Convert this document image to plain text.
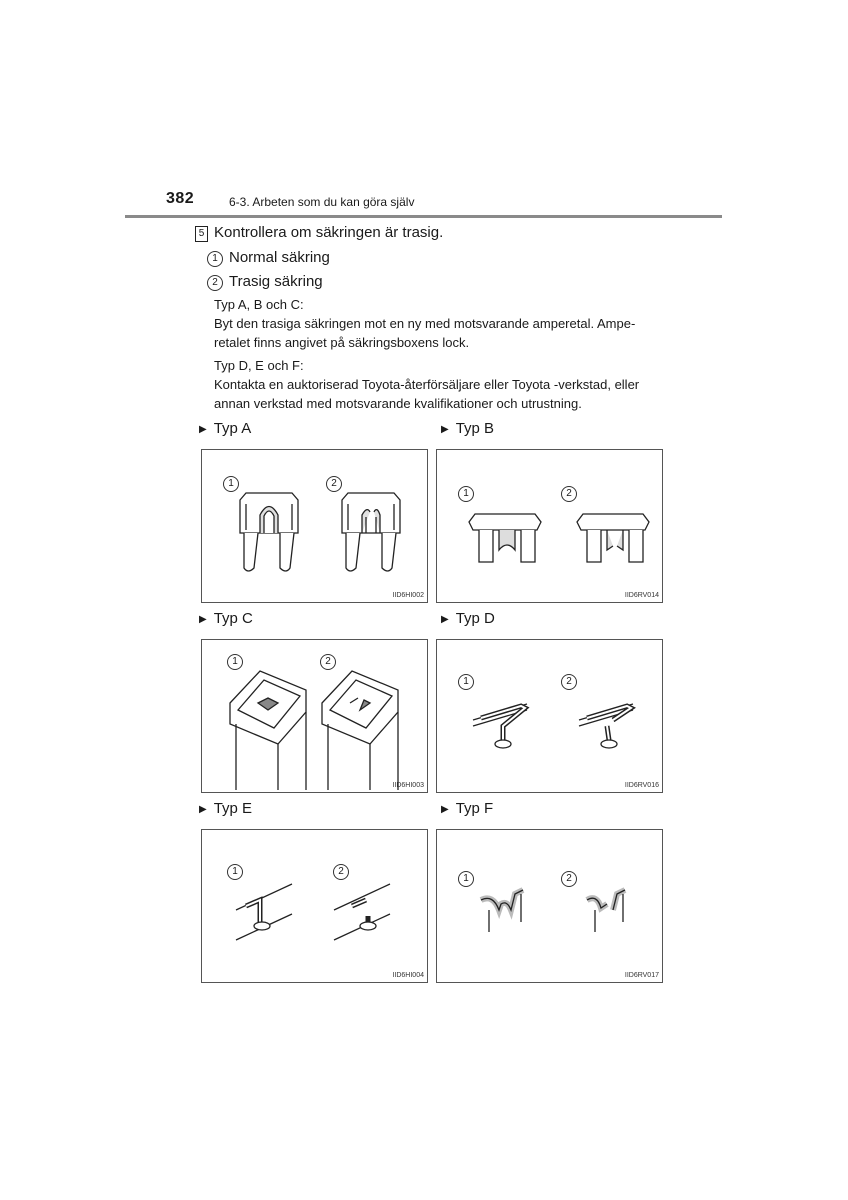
382	6-3. Arbeten som du kan göra själv
5 Kontrollera om säkringen är trasig.
1 Normal säkring
2 Trasig säkring
Typ A, B och C:
Byt den trasiga säkringen mot en ny med motsvarande amperetal. Ampe-
retalet finns angivet på säkringsboxens lock.
Typ D, E och F:
Kontakta en auktoriserad Toyota-återförsäljare eller Toyota -verkstad, eller
annan verkstad med motsvarande kvalifikationer och utrustning.
▶ Typ A	▶ Typ B
▶ Typ C	▶ Typ D
▶ Typ E	▶ Typ F
1	2
IID6HI002
1	2
IID6RV014
1	2
IID6HI003
1	2
IID6RV016
1	2
IID6HI004
1	2
IID6RV017
